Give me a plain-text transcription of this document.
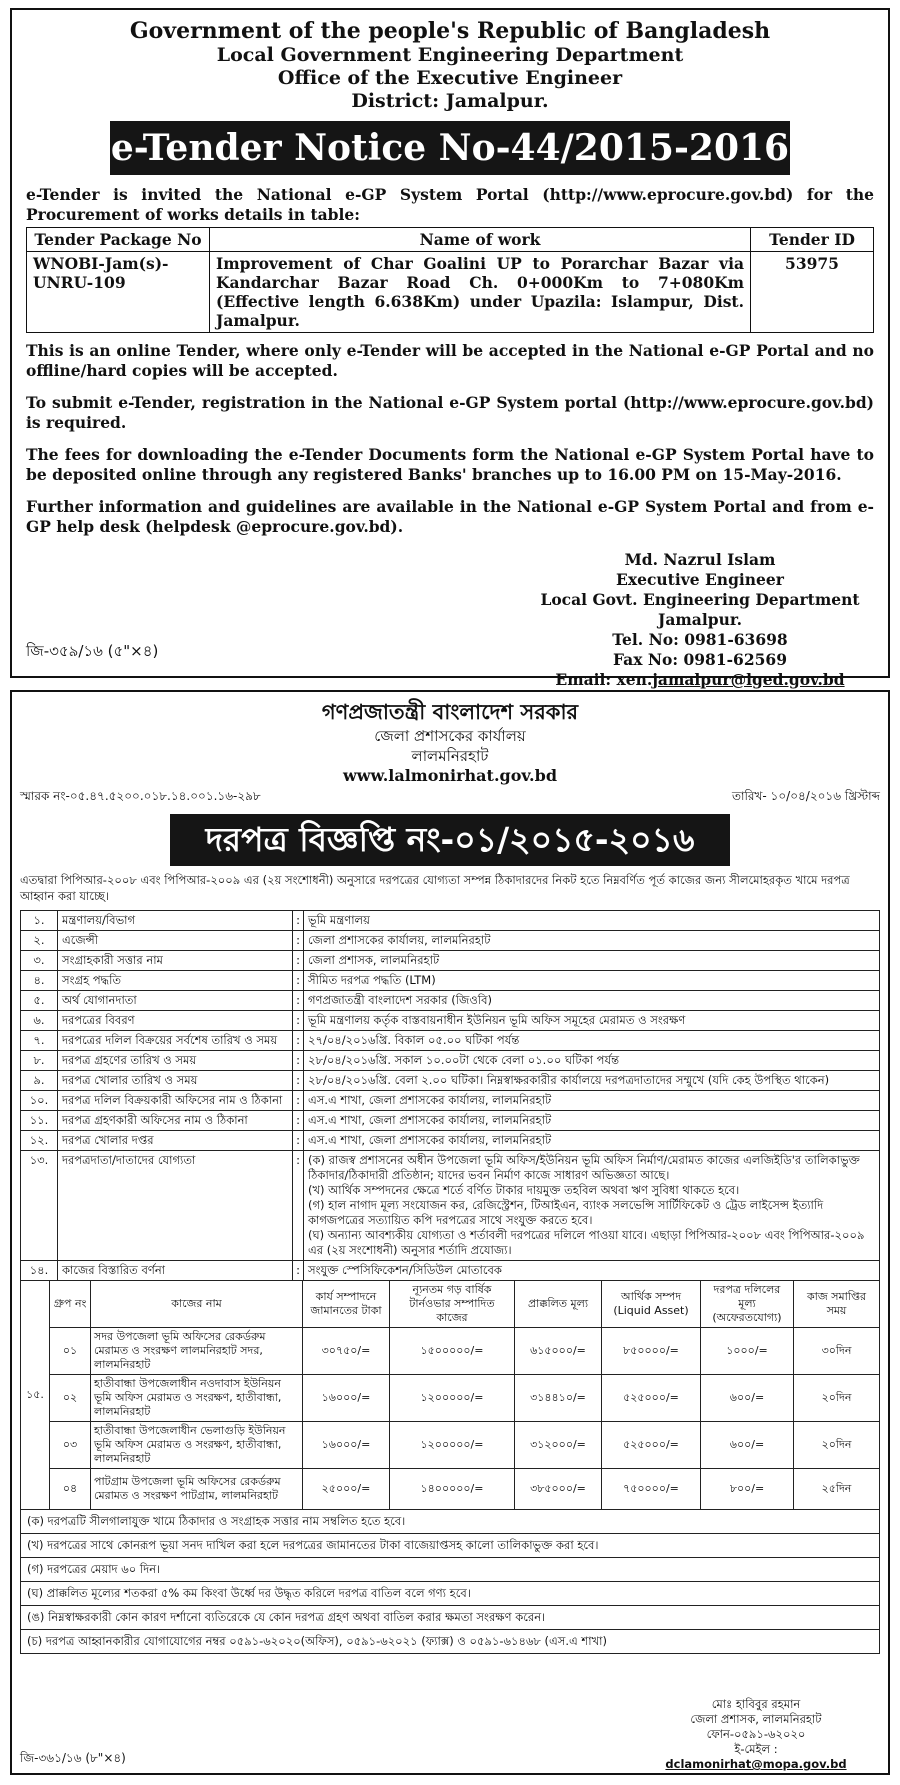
Government of the people's Republic of Bangladesh
Local Government Engineering Department
Office of the Executive Engineer
District: Jamalpur.
e-Tender Notice No-44/2015-2016

e-Tender is invited the National e-GP System Portal (http://www.eprocure.gov.bd) for the Procurement of works details in table:

Tender Package No	Name of work	Tender ID
WNOBI-Jam(s)-UNRU-109	Improvement of Char Goalini UP to Porarchar Bazar via Kandarchar Bazar Road Ch. 0+000Km to 7+080Km (Effective length 6.638Km) under Upazila: Islampur, Dist. Jamalpur.	53975

This is an online Tender, where only e-Tender will be accepted in the National e-GP Portal and no offline/hard copies will be accepted.

To submit e-Tender, registration in the National e-GP System portal (http://www.eprocure.gov.bd) is required.

The fees for downloading the e-Tender Documents form the National e-GP System Portal have to be deposited online through any registered Banks' branches up to 16.00 PM on 15-May-2016.

Further information and guidelines are available in the National e-GP System Portal and from e-GP help desk (helpdesk @eprocure.gov.bd).

Md. Nazrul Islam
Executive Engineer
Local Govt. Engineering Department
Jamalpur.
Tel. No: 0981-63698
Fax No: 0981-62569
Email: xen.jamalpur@lged.gov.bd
জি-৩৫৯/১৬ (৫"×৪)
গণপ্রজাতন্ত্রী বাংলাদেশ সরকার
জেলা প্রশাসকের কার্যালয়
লালমনিরহাট
www.lalmonirhat.gov.bd
স্মারক নং-০৫.৪৭.৫২০০.০১৮.১৪.০০১.১৬-২৯৮	তারিখ- ১০/০৪/২০১৬ খ্রিস্টাব্দ
দরপত্র বিজ্ঞপ্তি নং-০১/২০১৫-২০১৬
এতদ্বারা পিপিআর-২০০৮ এবং পিপিআর-২০০৯ এর (২য় সংশোধনী) অনুসারে দরপত্রের যোগ্যতা সম্পন্ন ঠিকাদারদের নিকট হতে নিম্নবর্ণিত পূর্ত কাজের জন্য সীলমোহরকৃত খামে দরপত্র আহ্বান করা যাচ্ছে।
১.	মন্ত্রণালয়/বিভাগ	:	ভূমি মন্ত্রণালয়
২.	এজেন্সী	:	জেলা প্রশাসকের কার্যালয়, লালমনিরহাট
৩.	সংগ্রাহকারী সত্তার নাম	:	জেলা প্রশাসক, লালমনিরহাট
৪.	সংগ্রহ পদ্ধতি	:	সীমিত দরপত্র পদ্ধতি (LTM)
৫.	অর্থ যোগানদাতা	:	গণপ্রজাতন্ত্রী বাংলাদেশ সরকার (জিওবি)
৬.	দরপত্রের বিবরণ	:	ভূমি মন্ত্রণালয় কর্তৃক বাস্তবায়নাধীন ইউনিয়ন ভূমি অফিস সমূহের মেরামত ও সংরক্ষণ
৭.	দরপত্রের দলিল বিক্রয়ের সর্বশেষ তারিখ ও সময়	:	২৭/০৪/২০১৬খ্রি. বিকাল ০৫.০০ ঘটিকা পর্যন্ত
৮.	দরপত্র গ্রহণের তারিখ ও সময়	:	২৮/০৪/২০১৬খ্রি. সকাল ১০.০০টা থেকে বেলা ০১.০০ ঘটিকা পর্যন্ত
৯.	দরপত্র খোলার তারিখ ও সময়	:	২৮/০৪/২০১৬খ্রি. বেলা ২.০০ ঘটিকা। নিম্নস্বাক্ষরকারীর কার্যালয়ে দরপত্রদাতাদের সম্মুখে (যদি কেহ উপস্থিত থাকেন)
১০.	দরপত্র দলিল বিক্রয়কারী অফিসের নাম ও ঠিকানা	:	এস.এ শাখা, জেলা প্রশাসকের কার্যালয়, লালমনিরহাট
১১.	দরপত্র গ্রহণকারী অফিসের নাম ও ঠিকানা	:	এস.এ শাখা, জেলা প্রশাসকের কার্যালয়, লালমনিরহাট
১২.	দরপত্র খোলার দপ্তর	:	এস.এ শাখা, জেলা প্রশাসকের কার্যালয়, লালমনিরহাট
১৩.	দরপত্রদাতা/দাতাদের যোগ্যতা	:	(ক) রাজস্ব প্রশাসনের অধীন উপজেলা ভূমি অফিস/ইউনিয়ন ভূমি অফিস নির্মাণ/মেরামত কাজের এলজিইডি'র তালিকাভুক্ত ঠিকাদার/ঠিকাদারী প্রতিষ্ঠান; যাদের ভবন নির্মাণ কাজে সাধারণ অভিজ্ঞতা আছে।
(খ) আর্থিক সম্পদনের ক্ষেত্রে শর্তে বর্ণিত টাকার দায়মুক্ত তহবিল অথবা ঋণ সুবিধা থাকতে হবে।
(গ) হাল নাগাদ মূল্য সংযোজন কর, রেজিস্ট্রেশন, টিআইএন, ব্যাংক সলভেন্সি সার্টিফিকেট ও ট্রেড লাইসেন্স ইত্যাদি কাগজপত্রের সত্যায়িত কপি দরপত্রের সাথে সংযুক্ত করতে হবে।
(ঘ) অন্যান্য আবশ্যকীয় যোগ্যতা ও শর্তাবলী দরপত্রের দলিলে পাওয়া যাবে। এছাড়া পিপিআর-২০০৮ এবং পিপিআর-২০০৯ এর (২য় সংশোধনী) অনুসার শর্তাদি প্রযোজ্য।

১৪.	কাজের বিস্তারিত বর্ণনা	:	সংযুক্ত স্পেসিফিকেশন/সিডিউল মোতাবেক
১৫.	গ্রুপ নং	কাজের নাম	কার্য সম্পাদনে জামানতের টাকা	ন্যূনতম গড় বার্ষিক টার্নওভার সম্পাদিত কাজের	প্রাক্কলিত মূল্য	আর্থিক সম্পদ (Liquid Asset)	দরপত্র দলিলের মূল্য (অফেরতযোগ্য)	কাজ সমাপ্তির সময়
	০১	সদর উপজেলা ভূমি অফিসের রেকর্ডরুম মেরামত ও সংরক্ষণ লালমনিরহাট সদর, লালমনিরহাট	৩০৭৫০/=	১৫০০০০০/=	৬১৫০০০/=	৮৫০০০০/=	১০০০/=	৩০দিন
	০২	হাতীবান্ধা উপজেলাধীন নওদাবাস ইউনিয়ন ভূমি অফিস মেরামত ও সংরক্ষণ, হাতীবান্ধা, লালমনিরহাট	১৬০০০/=	১২০০০০০/=	৩১৪৪১০/=	৫২৫০০০/=	৬০০/=	২০দিন
	০৩	হাতীবান্ধা উপজেলাধীন ভেলাগুড়ি ইউনিয়ন ভূমি অফিস মেরামত ও সংরক্ষণ, হাতীবান্ধা, লালমনিরহাট	১৬০০০/=	১২০০০০০/=	৩১২০০০/=	৫২৫০০০/=	৬০০/=	২০দিন
	০৪	পাটগ্রাম উপজেলা ভূমি অফিসের রেকর্ডরুম মেরামত ও সংরক্ষণ পাটগ্রাম, লালমনিরহাট	২৫০০০/=	১৪০০০০০/=	৩৮৫০০০/=	৭৫০০০০/=	৮০০/=	২৫দিন
(ক) দরপত্রটি সীলগালাযুক্ত খামে ঠিকাদার ও সংগ্রাহক সত্তার নাম সম্বলিত হতে হবে।
(খ) দরপত্রের সাথে কোনরূপ ভূয়া সনদ দাখিল করা হলে দরপত্রের জামানতের টাকা বাজেয়াপ্তসহ কালো তালিকাভুক্ত করা হবে।
(গ) দরপত্রের মেয়াদ ৬০ দিন।
(ঘ) প্রাক্কলিত মূল্যের শতকরা ৫% কম কিংবা উর্ধ্বে দর উদ্ধৃত করিলে দরপত্র বাতিল বলে গণ্য হবে।
(ঙ) নিম্নস্বাক্ষরকারী কোন কারণ দর্শানো ব্যতিরেকে যে কোন দরপত্র গ্রহণ অথবা বাতিল করার ক্ষমতা সংরক্ষণ করেন।
(চ) দরপত্র আহ্বানকারীর যোগাযোগের নম্বর ০৫৯১-৬২০২০(অফিস), ০৫৯১-৬২০২১ (ফ্যাক্স) ও ০৫৯১-৬১৪৬৮ (এস.এ শাখা)
মোঃ হাবিবুর রহমান
জেলা প্রশাসক, লালমনিরহাট
ফোন-০৫৯১-৬২০২০
ই-মেইল : dclamonirhat@mopa.gov.bd
জি-৩৬১/১৬ (৮"×৪)
